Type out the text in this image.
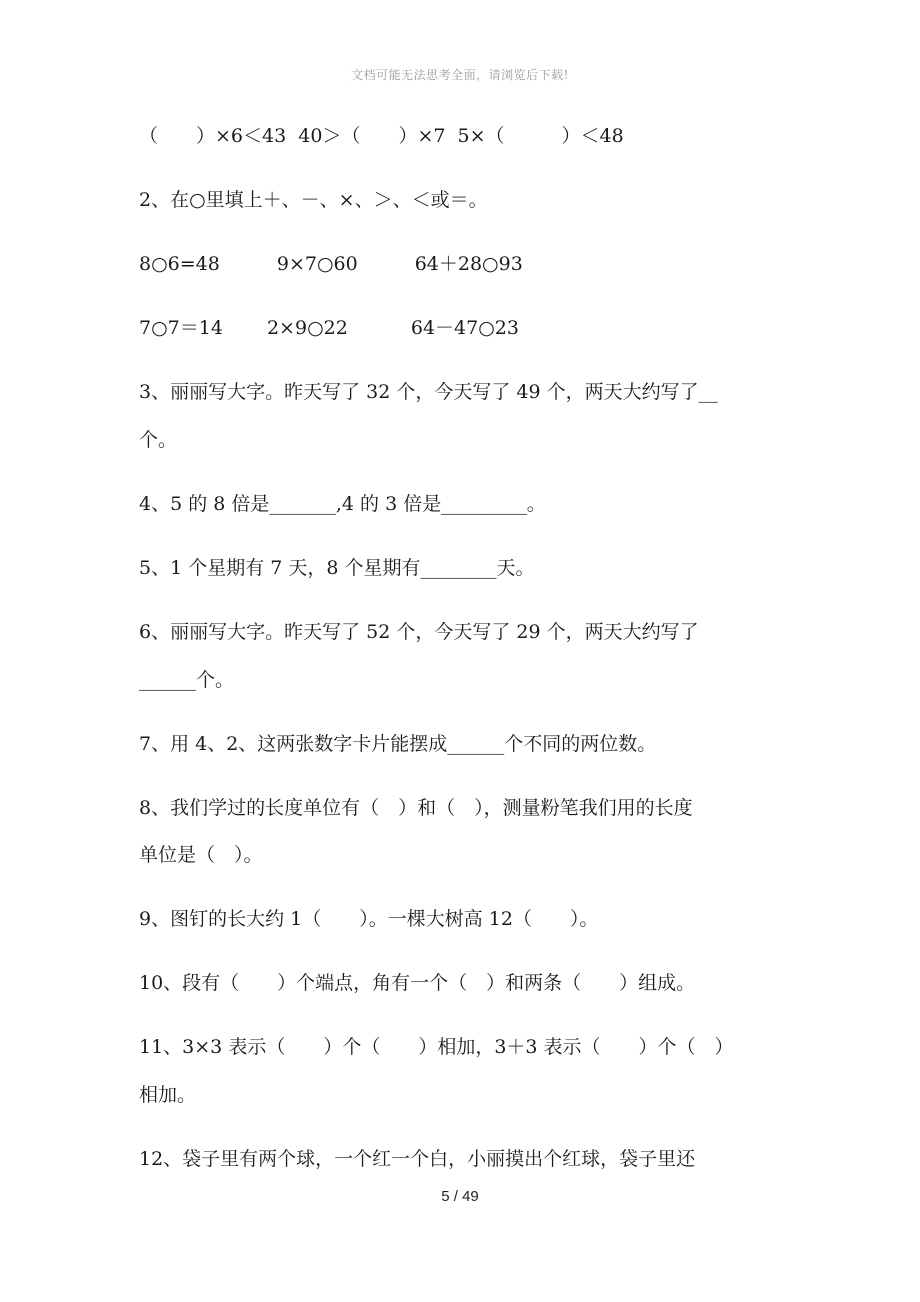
文档可能无法思考全面，请浏览后下载!
（　　）×6＜43  40＞（　　）×7  5×（　　　）＜48
2、在○里填上＋、－、×、＞、＜或＝。
8○6=48　　　9×7○60　　　64＋28○93
7○7＝14　　 2×9○22　　　 64－47○23
3、丽丽写大字。昨天写了 32 个，今天写了 49 个，两天大约写了__
个。
4、5 的 8 倍是_______,4 的 3 倍是_________。
5、1 个星期有 7 天，8 个星期有________天。
6、丽丽写大字。昨天写了 52 个，今天写了 29 个，两天大约写了
______个。
7、用 4、2、这两张数字卡片能摆成______个不同的两位数。
8、我们学过的长度单位有（　）和（　），测量粉笔我们用的长度
单位是（　）。
9、图钉的长大约 1（　　）。一棵大树高 12（　　）。
10、段有（　　）个端点，角有一个（　）和两条（　　）组成。
11、3×3 表示（　　）个（　　）相加，3＋3 表示（　　）个（　）
相加。
12、袋子里有两个球，一个红一个白，小丽摸出个红球，袋子里还
5 / 49
